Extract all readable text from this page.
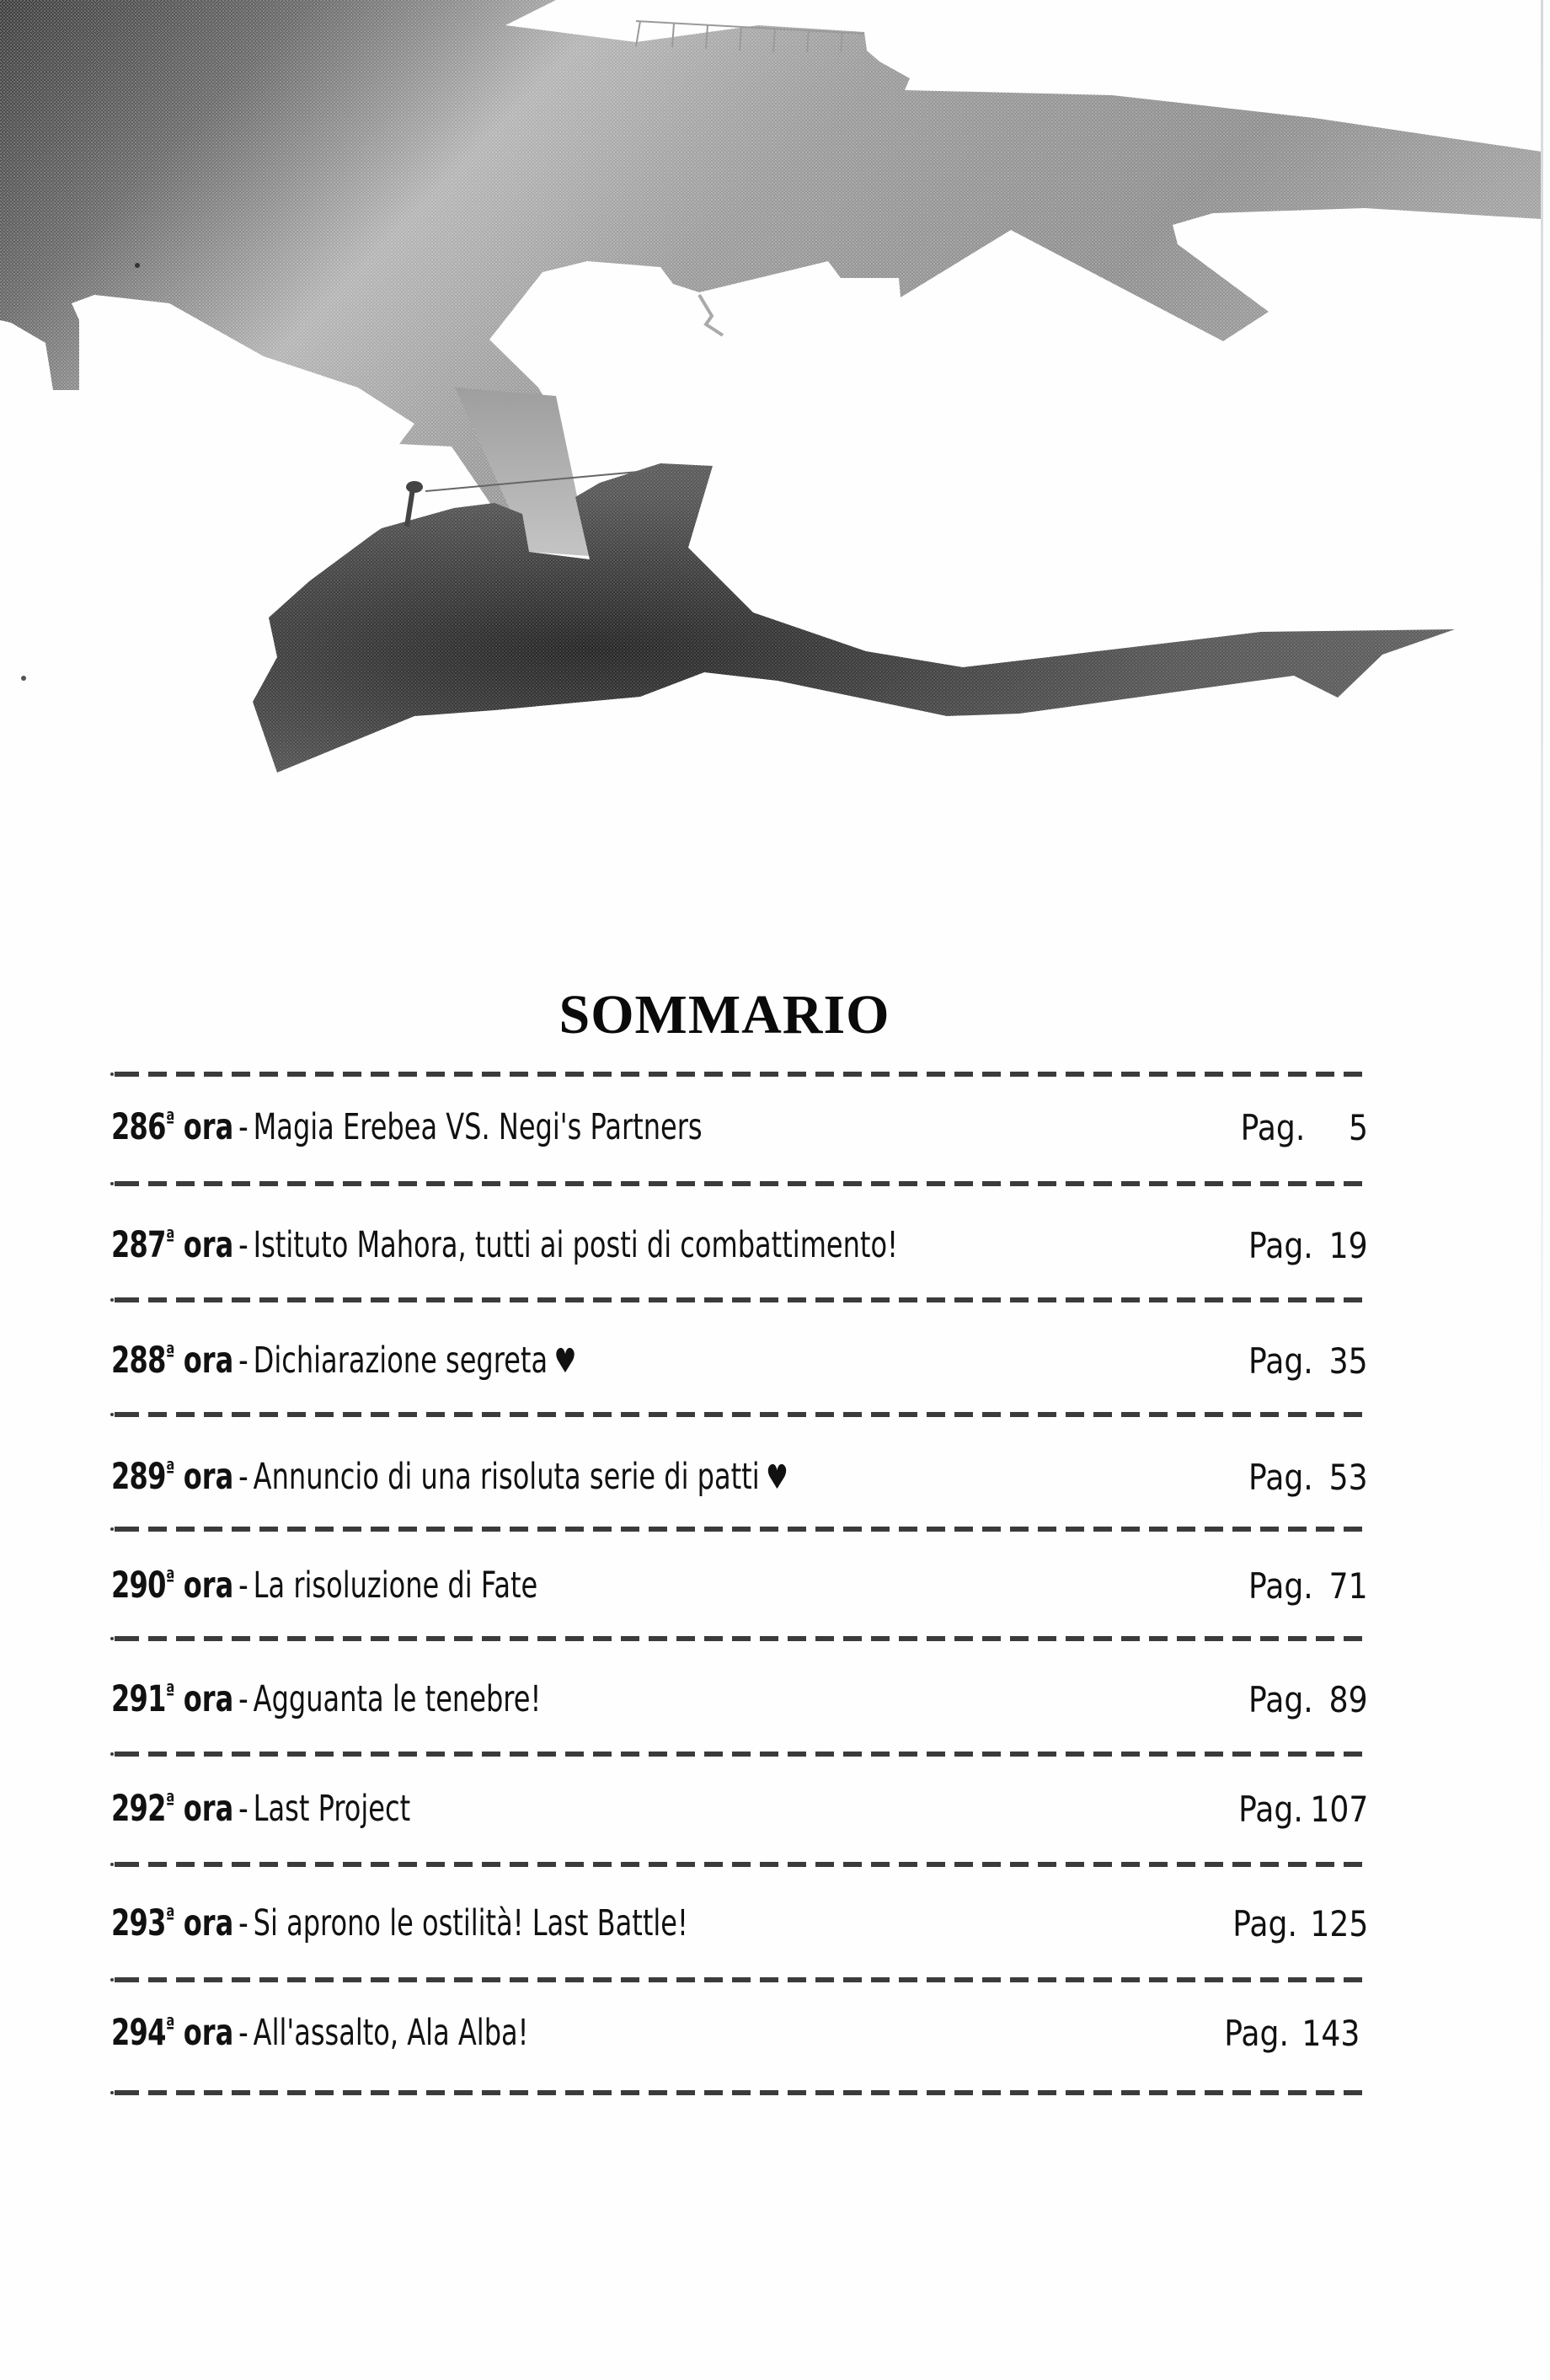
SOMMARIO
$286^ª$ ora - Magia Erebea VS. Negi's Partners	Pag. 5
$287^ª$ ora - Istituto Mahora, tutti ai posti di combattimento!	Pag. 19
$288^ª$ ora - Dichiarazione segreta ♥	Pag. 35
$289^ª$ ora - Annuncio di una risoluta serie di patti ♥	Pag. 53
$290^ª$ ora - La risoluzione di Fate	Pag. 71
$291^ª$ ora - Agguanta le tenebre!	Pag. 89
$292^ª$ ora - Last Project	Pag. 107
$293^ª$ ora - Si aprono le ostilità! Last Battle!	Pag. 125
$294^ª$ ora - All'assalto, Ala Alba!	Pag. 143
